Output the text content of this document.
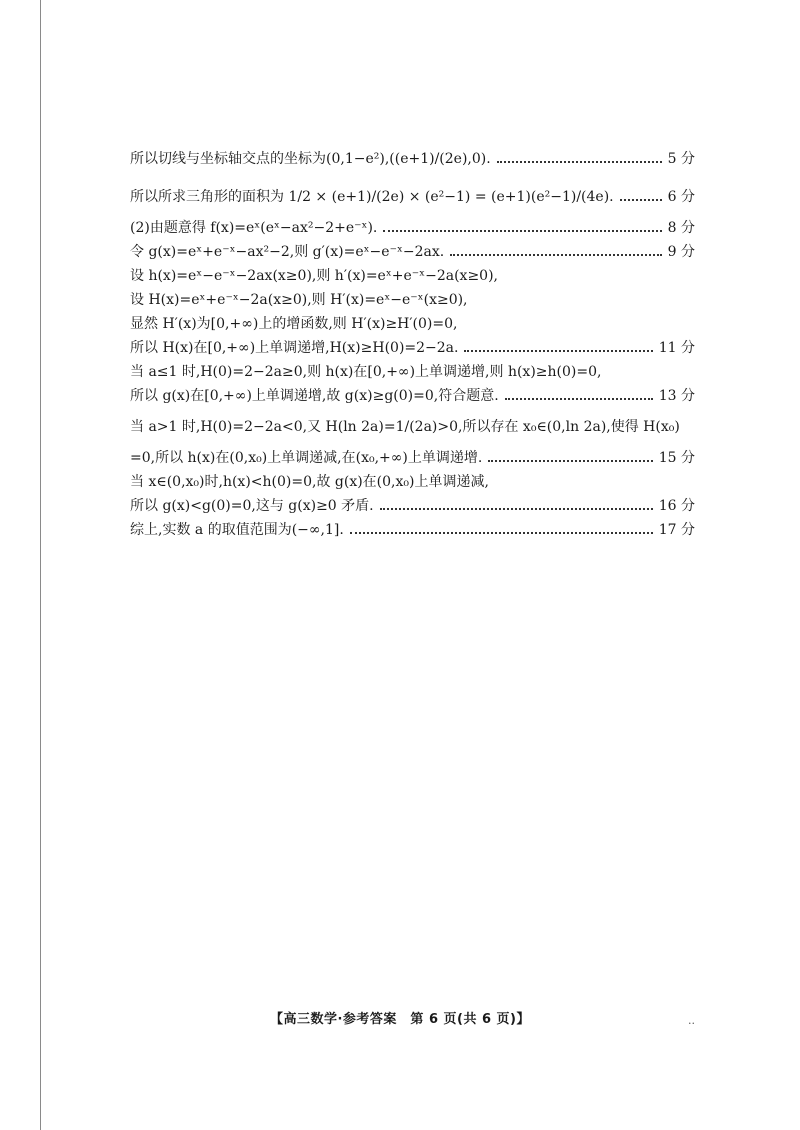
所以切线与坐标轴交点的坐标为(0,1−e²),((e+1)/(2e),0).	5 分
所以所求三角形的面积为 1/2 × (e+1)/(2e) × (e²−1) = (e+1)(e²−1)/(4e).	6 分
(2)由题意得 f(x)=eˣ(eˣ−ax²−2+e⁻ˣ).	8 分
令 g(x)=eˣ+e⁻ˣ−ax²−2,则 g′(x)=eˣ−e⁻ˣ−2ax.	9 分
设 h(x)=eˣ−e⁻ˣ−2ax(x≥0),则 h′(x)=eˣ+e⁻ˣ−2a(x≥0),
设 H(x)=eˣ+e⁻ˣ−2a(x≥0),则 H′(x)=eˣ−e⁻ˣ(x≥0),
显然 H′(x)为[0,+∞)上的增函数,则 H′(x)≥H′(0)=0,
所以 H(x)在[0,+∞)上单调递增,H(x)≥H(0)=2−2a.	11 分
当 a≤1 时,H(0)=2−2a≥0,则 h(x)在[0,+∞)上单调递增,则 h(x)≥h(0)=0,
所以 g(x)在[0,+∞)上单调递增,故 g(x)≥g(0)=0,符合题意.	13 分
当 a>1 时,H(0)=2−2a<0,又 H(ln 2a)=1/(2a)>0,所以存在 x₀∈(0,ln 2a),使得 H(x₀)
=0,所以 h(x)在(0,x₀)上单调递减,在(x₀,+∞)上单调递增.	15 分
当 x∈(0,x₀)时,h(x)<h(0)=0,故 g(x)在(0,x₀)上单调递减,
所以 g(x)<g(0)=0,这与 g(x)≥0 矛盾.	16 分
综上,实数 a 的取值范围为(−∞,1].	17 分
【高三数学·参考答案　第 6 页(共 6 页)】	..
